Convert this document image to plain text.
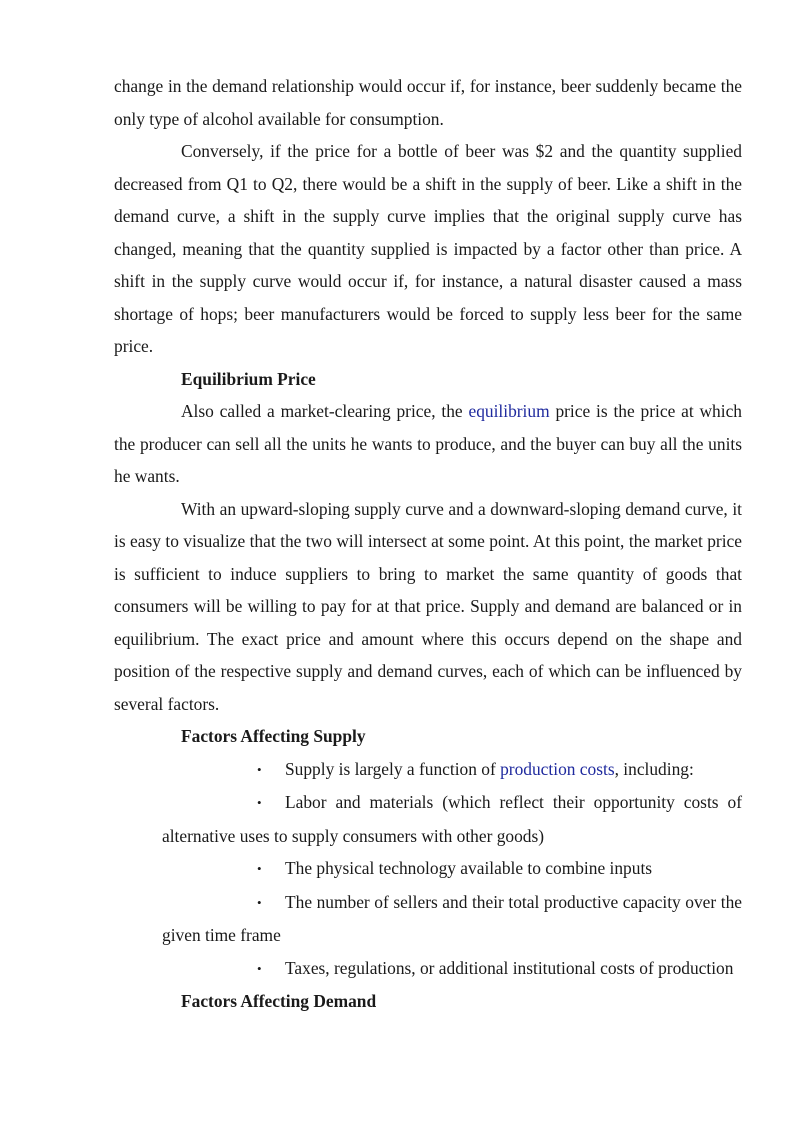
change in the demand relationship would occur if, for instance, beer suddenly became the only type of alcohol available for consumption.

Conversely, if the price for a bottle of beer was $2 and the quantity supplied decreased from Q1 to Q2, there would be a shift in the supply of beer. Like a shift in the demand curve, a shift in the supply curve implies that the original supply curve has changed, meaning that the quantity supplied is impacted by a factor other than price. A shift in the supply curve would occur if, for instance, a natural disaster caused a mass shortage of hops; beer manufacturers would be forced to supply less beer for the same price.

Equilibrium Price

Also called a market-clearing price, the equilibrium price is the price at which the producer can sell all the units he wants to produce, and the buyer can buy all the units he wants.

With an upward-sloping supply curve and a downward-sloping demand curve, it is easy to visualize that the two will intersect at some point. At this point, the market price is sufficient to induce suppliers to bring to market the same quantity of goods that consumers will be willing to pay for at that price. Supply and demand are balanced or in equilibrium. The exact price and amount where this occurs depend on the shape and position of the respective supply and demand curves, each of which can be influenced by several factors.

Factors Affecting Supply

• Supply is largely a function of production costs, including:

• Labor and materials (which reflect their opportunity costs of alternative uses to supply consumers with other goods)

• The physical technology available to combine inputs

• The number of sellers and their total productive capacity over the given time frame

• Taxes, regulations, or additional institutional costs of production

Factors Affecting Demand
